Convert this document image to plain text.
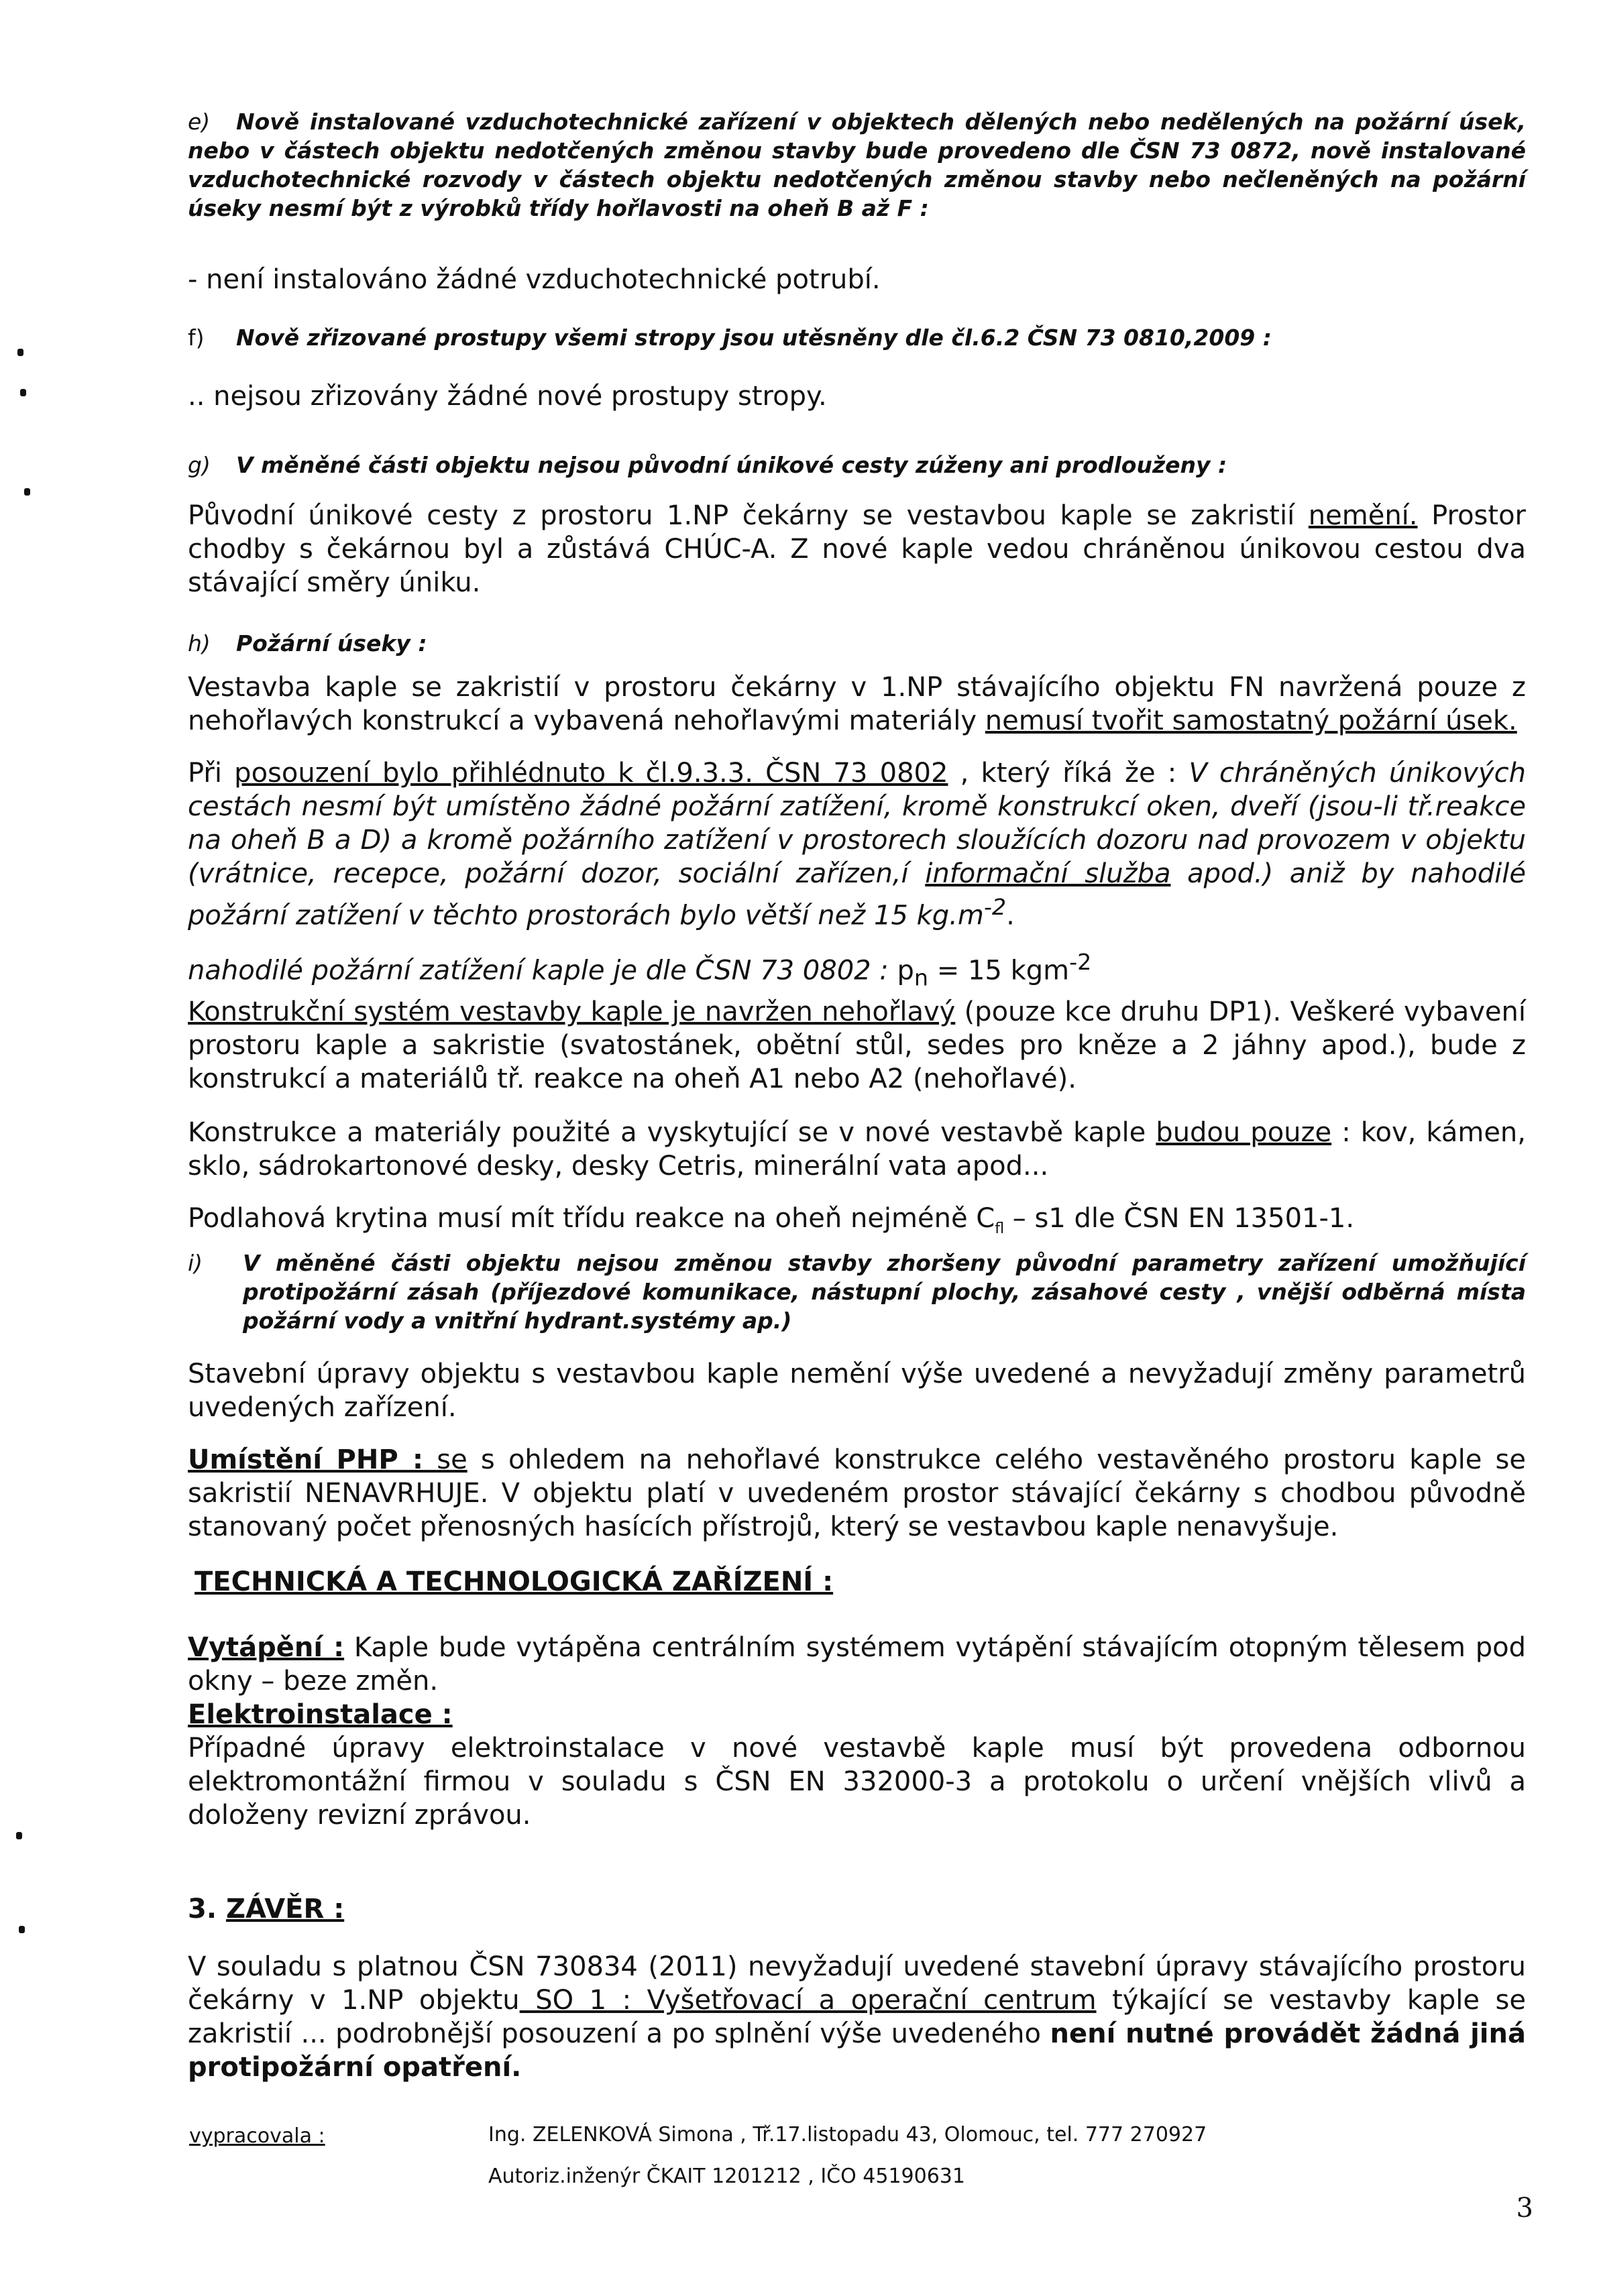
e) Nově instalované vzduchotechnické zařízení v objektech dělených nebo nedělených na požární úsek, nebo v částech objektu nedotčených změnou stavby bude provedeno dle ČSN 73 0872, nově instalované vzduchotechnické rozvody v částech objektu nedotčených změnou stavby nebo nečleněných na požární úseky nesmí být z výrobků třídy hořlavosti na oheň B až F :

- není instalováno žádné vzduchotechnické potrubí.

f) Nově zřizované prostupy všemi stropy jsou utěsněny dle čl.6.2 ČSN 73 0810,2009 :

.. nejsou zřizovány žádné nové prostupy stropy.

g) V měněné části objektu nejsou původní únikové cesty zúženy ani prodlouženy :

Původní únikové cesty z prostoru 1.NP čekárny se vestavbou kaple se zakristií nemění. Prostor chodby s čekárnou byl a zůstává CHÚC-A. Z nové kaple vedou chráněnou únikovou cestou dva stávající směry úniku.

h) Požární úseky :

Vestavba kaple se zakristií v prostoru čekárny v 1.NP stávajícího objektu FN navržená pouze z nehořlavých konstrukcí a vybavená nehořlavými materiály nemusí tvořit samostatný požární úsek.

Při posouzení bylo přihlédnuto k čl.9.3.3. ČSN 73 0802 , který říká že : V chráněných únikových cestách nesmí být umístěno žádné požární zatížení, kromě konstrukcí oken, dveří (jsou-li tř.reakce na oheň B a D) a kromě požárního zatížení v prostorech sloužících dozoru nad provozem v objektu (vrátnice, recepce, požární dozor, sociální zařízen,í informační služba apod.) aniž by nahodilé požární zatížení v těchto prostorách bylo větší než 15 $kg.m^{-2}$.

nahodilé požární zatížení kaple je dle ČSN 73 0802 : $p_n = 15$ kgm$^{-2}$

Konstrukční systém vestavby kaple je navržen nehořlavý (pouze kce druhu DP1). Veškeré vybavení prostoru kaple a sakristie (svatostánek, obětní stůl, sedes pro kněze a 2 jáhny apod.), bude z konstrukcí a materiálů tř. reakce na oheň A1 nebo A2 (nehořlavé).

Konstrukce a materiály použité a vyskytující se v nové vestavbě kaple budou pouze : kov, kámen, sklo, sádrokartonové desky, desky Cetris, minerální vata apod...

Podlahová krytina musí mít třídu reakce na oheň nejméně $C_{fl} - s1$ dle ČSN EN 13501-1.

i)	V měněné části objektu nejsou změnou stavby zhoršeny původní parametry zařízení umožňující protipožární zásah (příjezdové komunikace, nástupní plochy, zásahové cesty , vnější odběrná místa požární vody a vnitřní hydrant.systémy ap.)

Stavební úpravy objektu s vestavbou kaple nemění výše uvedené a nevyžadují změny parametrů uvedených zařízení.

Umístění PHP : se s ohledem na nehořlavé konstrukce celého vestavěného prostoru kaple se sakristií NENAVRHUJE. V objektu platí v uvedeném prostor stávající čekárny s chodbou původně stanovaný počet přenosných hasících přístrojů, který se vestavbou kaple nenavyšuje.

TECHNICKÁ A TECHNOLOGICKÁ ZAŘÍZENÍ :

Vytápění : Kaple bude vytápěna centrálním systémem vytápění stávajícím otopným tělesem pod okny – beze změn.

Elektroinstalace :

Případné úpravy elektroinstalace v nové vestavbě kaple musí být provedena odbornou elektromontážní firmou v souladu s ČSN EN 332000-3 a protokolu o určení vnějších vlivů a doloženy revizní zprávou.

3. ZÁVĚR :

V souladu s platnou ČSN 730834 (2011) nevyžadují uvedené stavební úpravy stávajícího prostoru čekárny v 1.NP objektu SO 1 : Vyšetřovací a operační centrum týkající se vestavby kaple se zakristií ... podrobnější posouzení a po splnění výše uvedeného není nutné provádět žádná jiná protipožární opatření.

vypracovala :	Ing. ZELENKOVÁ Simona , Tř.17.listopadu 43, Olomouc, tel. 777 270927
Autoriz.inženýr ČKAIT 1201212 , IČO 45190631
3
